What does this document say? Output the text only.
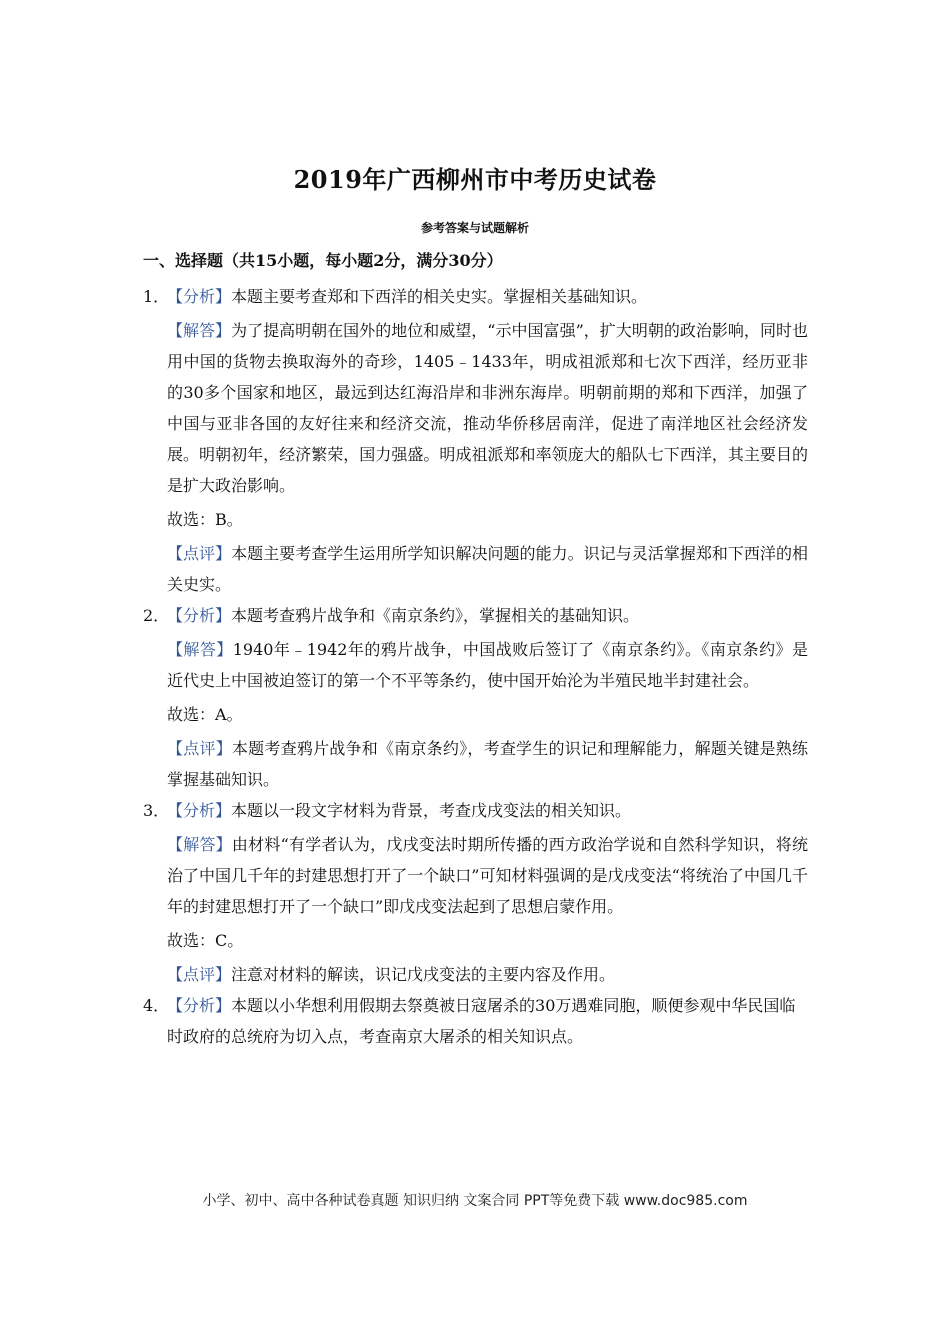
2019年广西柳州市中考历史试卷
参考答案与试题解析
一、选择题（共15小题，每小题2分，满分30分）
1．
【分析】本题主要考查郑和下西洋的相关史实。掌握相关基础知识。
【解答】为了提高明朝在国外的地位和威望，“示中国富强”，扩大明朝的政治影响，同时也用中国的货物去换取海外的奇珍，1405﹣1433年，明成祖派郑和七次下西洋，经历亚非的30多个国家和地区，最远到达红海沿岸和非洲东海岸。明朝前期的郑和下西洋，加强了中国与亚非各国的友好往来和经济交流，推动华侨移居南洋，促进了南洋地区社会经济发展。明朝初年，经济繁荣，国力强盛。明成祖派郑和率领庞大的船队七下西洋，其主要目的是扩大政治影响。
故选：B。
【点评】本题主要考查学生运用所学知识解决问题的能力。识记与灵活掌握郑和下西洋的相关史实。
2．
【分析】本题考查鸦片战争和《南京条约》，掌握相关的基础知识。
【解答】1940年﹣1942年的鸦片战争，中国战败后签订了《南京条约》。《南京条约》是近代史上中国被迫签订的第一个不平等条约，使中国开始沦为半殖民地半封建社会。
故选：A。
【点评】本题考查鸦片战争和《南京条约》，考查学生的识记和理解能力，解题关键是熟练掌握基础知识。
3．
【分析】本题以一段文字材料为背景，考查戊戌变法的相关知识。
【解答】由材料“有学者认为，戊戌变法时期所传播的西方政治学说和自然科学知识，将统治了中国几千年的封建思想打开了一个缺口”可知材料强调的是戊戌变法“将统治了中国几千年的封建思想打开了一个缺口”即戊戌变法起到了思想启蒙作用。
故选：C。
【点评】注意对材料的解读，识记戊戌变法的主要内容及作用。
4．
【分析】本题以小华想利用假期去祭奠被日寇屠杀的30万遇难同胞，顺便参观中华民国临时政府的总统府为切入点，考查南京大屠杀的相关知识点。
小学、初中、高中各种试卷真题 知识归纳 文案合同 PPT等免费下载 www.doc985.com
